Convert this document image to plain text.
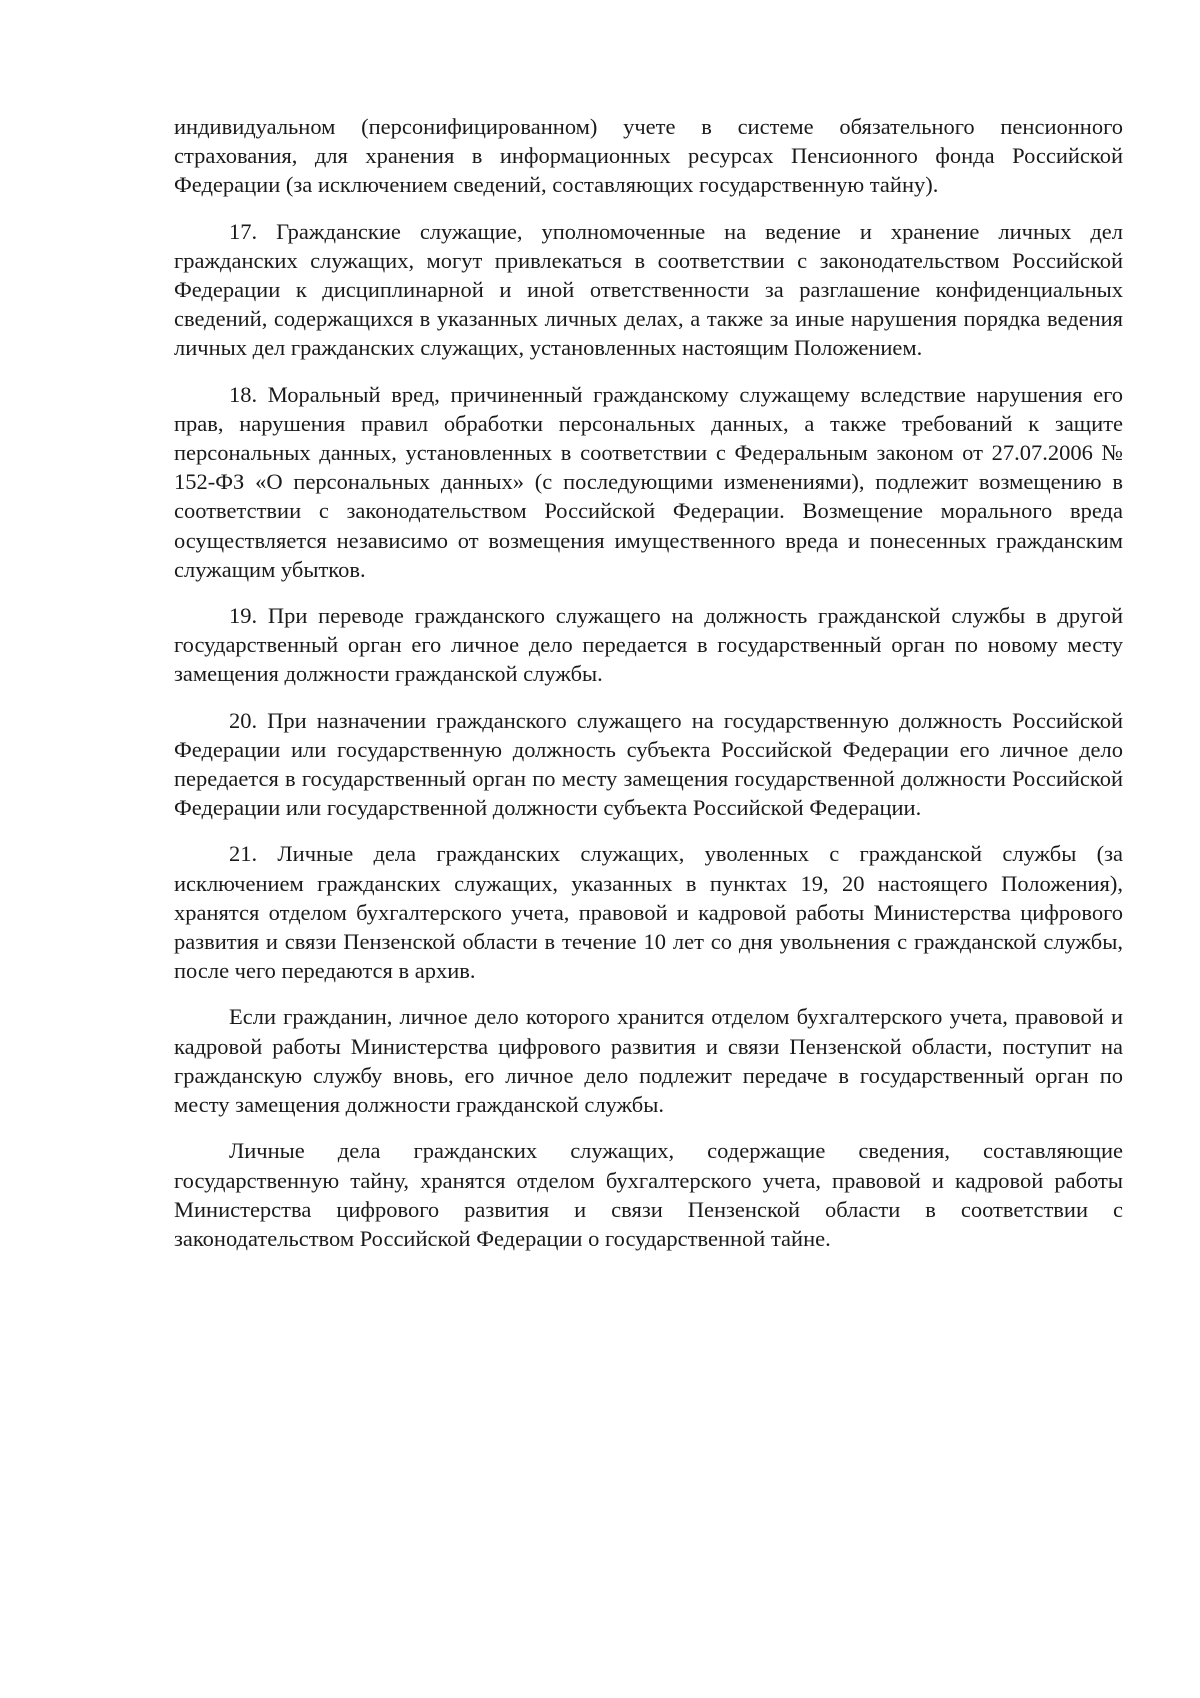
индивидуальном (персонифицированном) учете в системе обязательного пенсионного страхования, для хранения в информационных ресурсах Пенсионного фонда Российской Федерации (за исключением сведений, составляющих государственную тайну).

17. Гражданские служащие, уполномоченные на ведение и хранение личных дел гражданских служащих, могут привлекаться в соответствии с законодательством Российской Федерации к дисциплинарной и иной ответственности за разглашение конфиденциальных сведений, содержащихся в указанных личных делах, а также за иные нарушения порядка ведения личных дел гражданских служащих, установленных настоящим Положением.

18. Моральный вред, причиненный гражданскому служащему вследствие нарушения его прав, нарушения правил обработки персональных данных, а также требований к защите персональных данных, установленных в соответствии с Федеральным законом от 27.07.2006 № 152-ФЗ «О персональных данных» (с последующими изменениями), подлежит возмещению в соответствии с законодательством Российской Федерации. Возмещение морального вреда осуществляется независимо от возмещения имущественного вреда и понесенных гражданским служащим убытков.

19. При переводе гражданского служащего на должность гражданской службы в другой государственный орган его личное дело передается в государственный орган по новому месту замещения должности гражданской службы.

20. При назначении гражданского служащего на государственную должность Российской Федерации или государственную должность субъекта Российской Федерации его личное дело передается в государственный орган по месту замещения государственной должности Российской Федерации или государственной должности субъекта Российской Федерации.

21. Личные дела гражданских служащих, уволенных с гражданской службы (за исключением гражданских служащих, указанных в пунктах 19, 20 настоящего Положения), хранятся отделом бухгалтерского учета, правовой и кадровой работы Министерства цифрового развития и связи Пензенской области в течение 10 лет со дня увольнения с гражданской службы, после чего передаются в архив.

Если гражданин, личное дело которого хранится отделом бухгалтерского учета, правовой и кадровой работы Министерства цифрового развития и связи Пензенской области, поступит на гражданскую службу вновь, его личное дело подлежит передаче в государственный орган по месту замещения должности гражданской службы.

Личные дела гражданских служащих, содержащие сведения, составляющие государственную тайну, хранятся отделом бухгалтерского учета, правовой и кадровой работы Министерства цифрового развития и связи Пензенской области в соответствии с законодательством Российской Федерации о государственной тайне.
